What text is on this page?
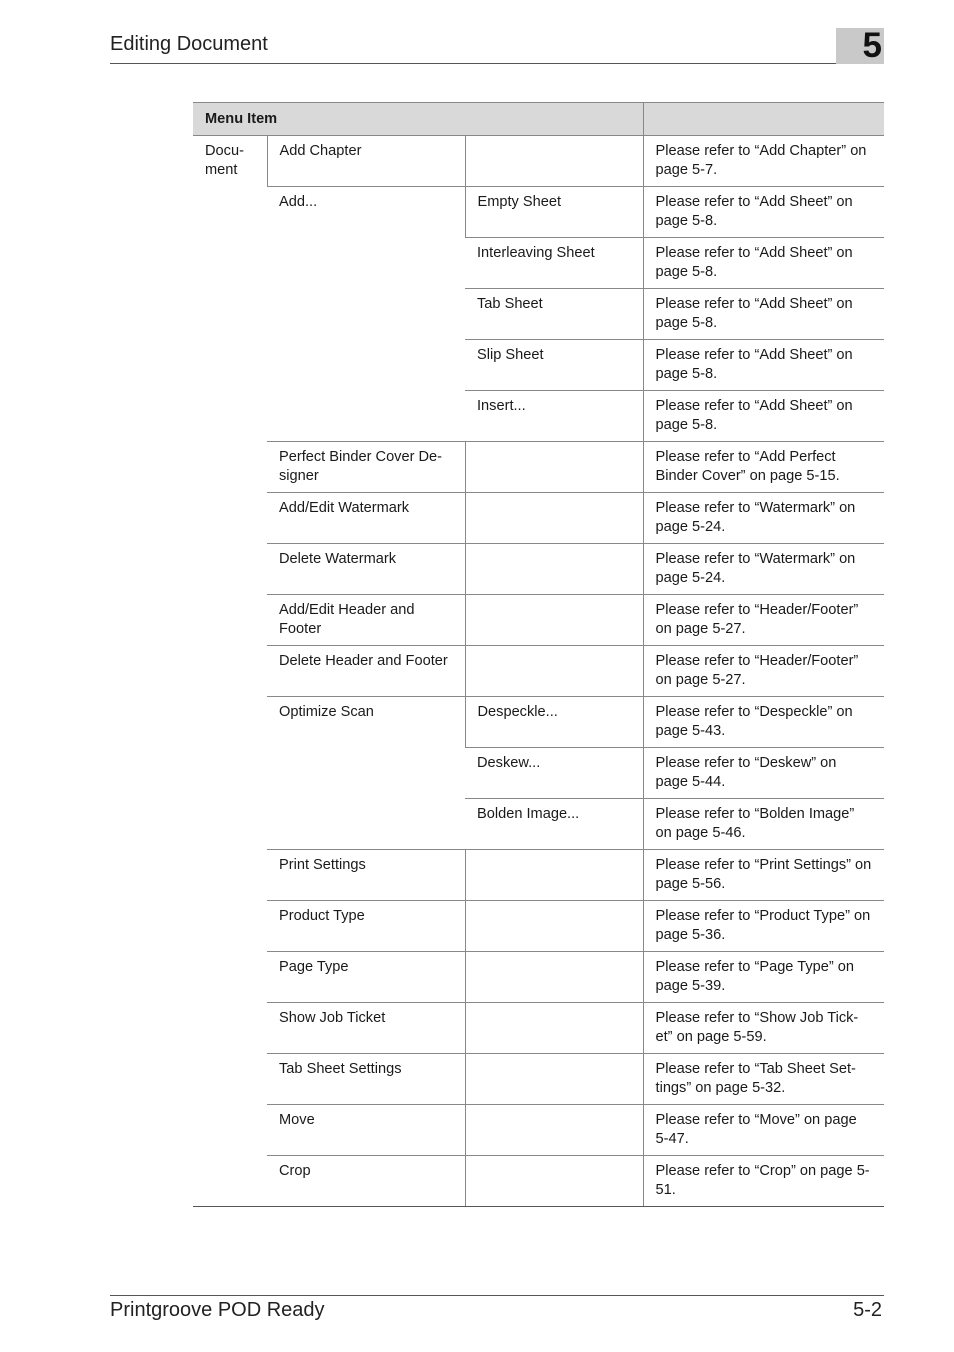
Editing Document	5
Menu Item			
Docu-
ment	Add Chapter		Please refer to “Add Chapter” on page 5-7.
	Add...	Empty Sheet	Please refer to “Add Sheet” on page 5-8.
		Interleaving Sheet	Please refer to “Add Sheet” on page 5-8.
		Tab Sheet	Please refer to “Add Sheet” on page 5-8.
		Slip Sheet	Please refer to “Add Sheet” on page 5-8.
		Insert...	Please refer to “Add Sheet” on page 5-8.
	Perfect Binder Cover De-
signer		Please refer to “Add Perfect Binder Cover” on page 5-15.
	Add/Edit Watermark		Please refer to “Watermark” on page 5-24.
	Delete Watermark		Please refer to “Watermark” on page 5-24.
	Add/Edit Header and Footer		Please refer to “Header/Footer” on page 5-27.
	Delete Header and Footer		Please refer to “Header/Footer” on page 5-27.
	Optimize Scan	Despeckle...	Please refer to “Despeckle” on page 5-43.
		Deskew...	Please refer to “Deskew” on page 5-44.
		Bolden Image...	Please refer to “Bolden Image” on page 5-46.
	Print Settings		Please refer to “Print Settings” on page 5-56.
	Product Type		Please refer to “Product Type” on page 5-36.
	Page Type		Please refer to “Page Type” on page 5-39.
	Show Job Ticket		Please refer to “Show Job Tick-
et” on page 5-59.
	Tab Sheet Settings		Please refer to “Tab Sheet Set-
tings” on page 5-32.
	Move		Please refer to “Move” on page 5-47.
	Crop		Please refer to “Crop” on page 5-51.
Printgroove POD Ready	5-2
